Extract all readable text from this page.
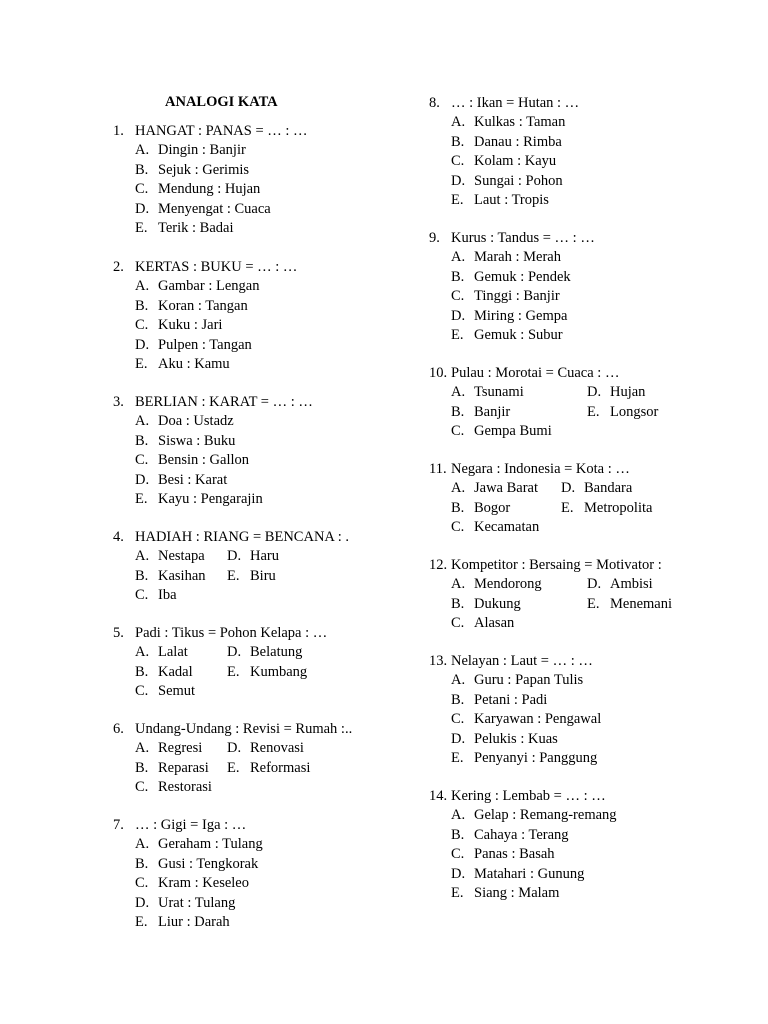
ANALOGI KATA
1. HANGAT : PANAS = … : …
A. Dingin : Banjir
B. Sejuk : Gerimis
C. Mendung : Hujan
D. Menyengat : Cuaca
E. Terik : Badai
2. KERTAS : BUKU = … : …
A. Gambar : Lengan
B. Koran : Tangan
C. Kuku : Jari
D. Pulpen : Tangan
E. Aku : Kamu
3. BERLIAN : KARAT = … : …
A. Doa : Ustadz
B. Siswa : Buku
C. Bensin : Gallon
D. Besi : Karat
E. Kayu : Pengarajin
4. HADIAH : RIANG = BENCANA : .
A. Nestapa D. Haru
B. Kasihan E. Biru
C. Iba
5. Padi : Tikus = Pohon Kelapa : …
A. Lalat	D. Belatung
B. Kadal E. Kumbang
C. Semut
6. Undang-Undang : Revisi = Rumah :..
A. Regresi D. Renovasi
B. Reparasi E. Reformasi
C. Restorasi
7. … : Gigi = Iga : …
A. Geraham : Tulang
B. Gusi : Tengkorak
C. Kram : Keseleo
D. Urat : Tulang
E. Liur : Darah
8. … : Ikan = Hutan : …
A. Kulkas : Taman
B. Danau : Rimba
C. Kolam : Kayu
D. Sungai : Pohon
E. Laut : Tropis
9. Kurus : Tandus = … : …
A. Marah : Merah
B. Gemuk : Pendek
C. Tinggi : Banjir
D. Miring : Gempa
E. Gemuk : Subur
10. Pulau : Morotai = Cuaca : …
A. Tsunami	D. Hujan
B. Banjir	E. Longsor
C. Gempa Bumi
11. Negara : Indonesia = Kota : …
A. Jawa Barat D. Bandara
B. Bogor	E. Metropolita
C. Kecamatan
12. Kompetitor : Bersaing = Motivator :
A. Mendorong	D. Ambisi
B. Dukung	E. Menemani
C. Alasan
13. Nelayan : Laut = … : …
A. Guru : Papan Tulis
B. Petani : Padi
C. Karyawan : Pengawal
D. Pelukis : Kuas
E. Penyanyi : Panggung
14. Kering : Lembab = … : …
A. Gelap : Remang-remang
B. Cahaya : Terang
C. Panas : Basah
D. Matahari : Gunung
E. Siang : Malam
